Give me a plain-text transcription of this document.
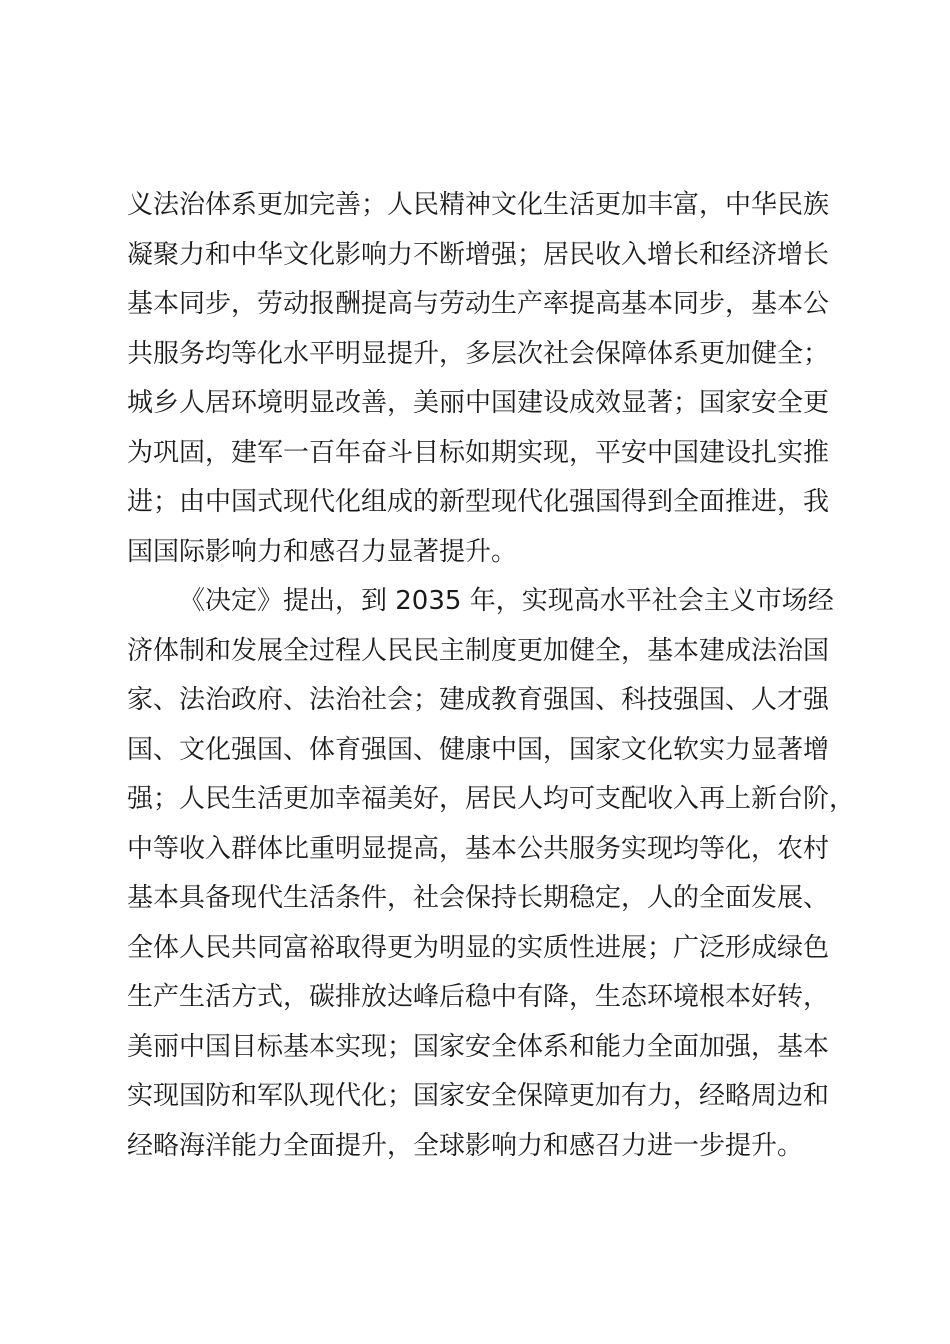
义法治体系更加完善；人民精神文化生活更加丰富，中华民族
凝聚力和中华文化影响力不断增强；居民收入增长和经济增长
基本同步，劳动报酬提高与劳动生产率提高基本同步，基本公
共服务均等化水平明显提升，多层次社会保障体系更加健全；
城乡人居环境明显改善，美丽中国建设成效显著；国家安全更
为巩固，建军一百年奋斗目标如期实现，平安中国建设扎实推
进；由中国式现代化组成的新型现代化强国得到全面推进，我
国国际影响力和感召力显著提升。
《决定》提出，到 2035 年，实现高水平社会主义市场经
济体制和发展全过程人民民主制度更加健全，基本建成法治国
家、法治政府、法治社会；建成教育强国、科技强国、人才强
国、文化强国、体育强国、健康中国，国家文化软实力显著增
强；人民生活更加幸福美好，居民人均可支配收入再上新台阶，
中等收入群体比重明显提高，基本公共服务实现均等化，农村
基本具备现代生活条件，社会保持长期稳定，人的全面发展、
全体人民共同富裕取得更为明显的实质性进展；广泛形成绿色
生产生活方式，碳排放达峰后稳中有降，生态环境根本好转，
美丽中国目标基本实现；国家安全体系和能力全面加强，基本
实现国防和军队现代化；国家安全保障更加有力，经略周边和
经略海洋能力全面提升，全球影响力和感召力进一步提升。
